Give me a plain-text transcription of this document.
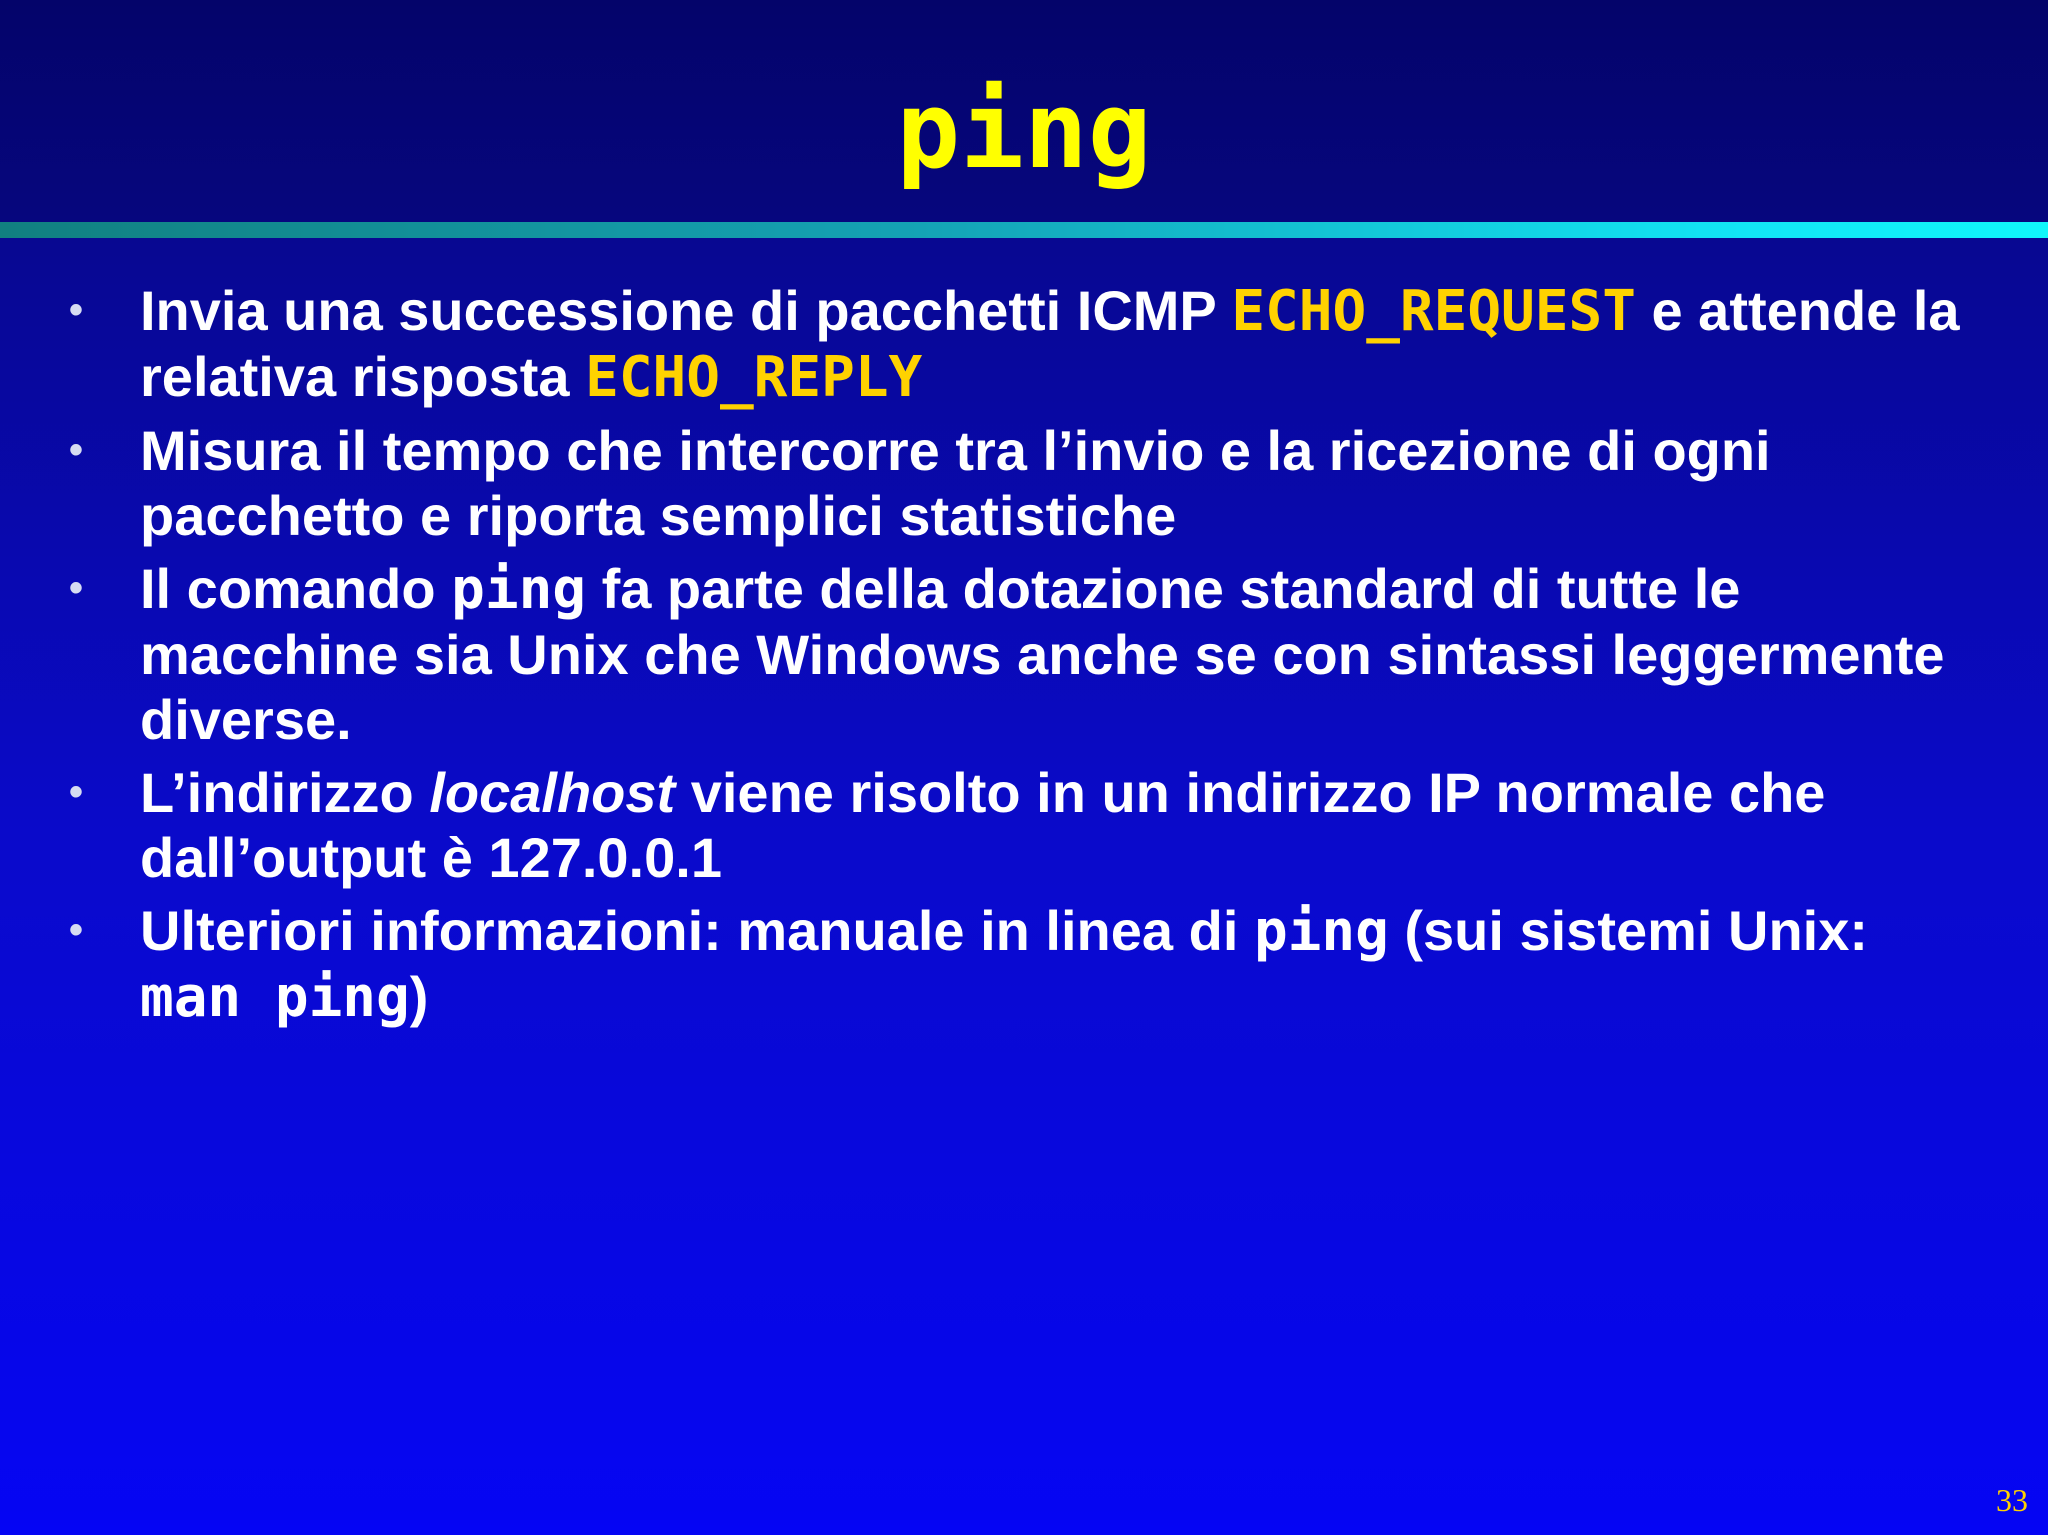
ping
• Invia una successione di pacchetti ICMP ECHO_REQUEST e attende la relativa risposta ECHO_REPLY
• Misura il tempo che intercorre tra l’invio e la ricezione di ogni pacchetto e riporta semplici statistiche
• Il comando ping fa parte della dotazione standard di tutte le macchine sia Unix che Windows anche se con sintassi leggermente diverse.
• L’indirizzo localhost viene risolto in un indirizzo IP normale che dall’output è 127.0.0.1
• Ulteriori informazioni: manuale in linea di ping (sui sistemi Unix: man ping)
33
